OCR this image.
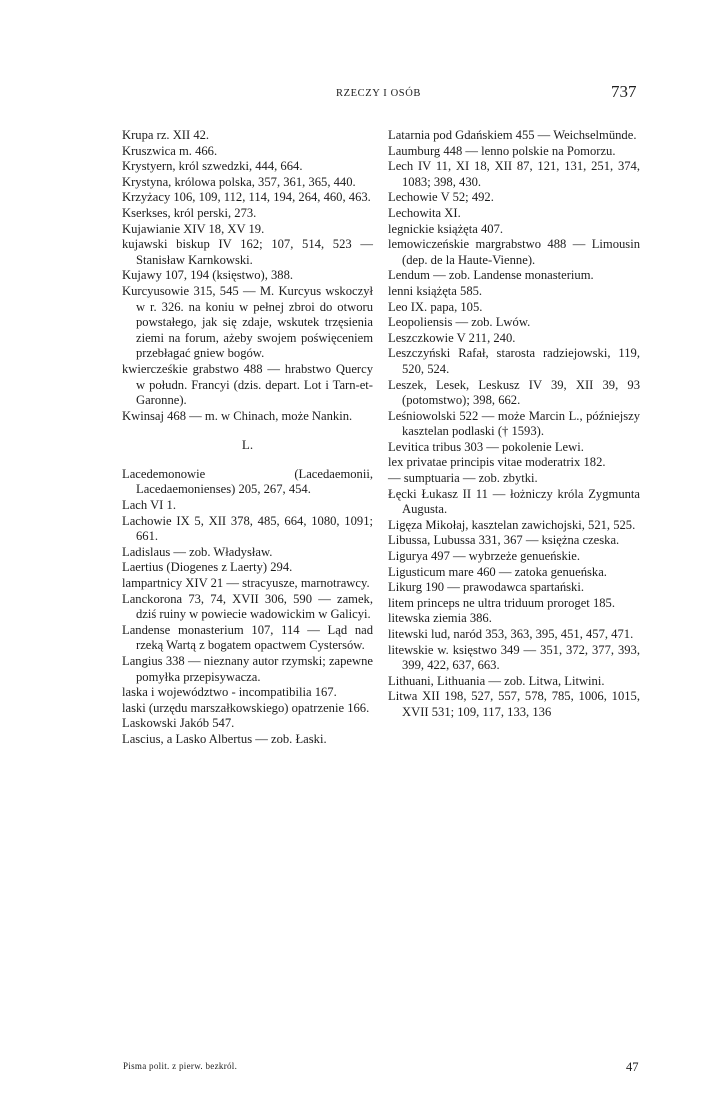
RZECZY I OSÓB	737
Krupa rz. XII 42.
Kruszwica m. 466.
Krystyern, król szwedzki, 444, 664.
Krystyna, królowa polska, 357, 361, 365, 440.
Krzyżacy 106, 109, 112, 114, 194, 264, 460, 463.
Kserkses, król perski, 273.
Kujawianie XIV 18, XV 19.
kujawski biskup IV 162; 107, 514, 523 — Stanisław Karnkowski.
Kujawy 107, 194 (księstwo), 388.
Kurcyusowie 315, 545 — M. Kurcyus wskoczył w r. 326. na koniu w pełnej zbroi do otworu powstałego, jak się zdaje, wskutek trzęsienia ziemi na forum, ażeby swojem poświęceniem przebłagać gniew bogów.
kwiercześkie grabstwo 488 — hrabstwo Quercy w połudn. Francyi (dzis. depart. Lot i Tarn-et-Garonne).
Kwinsaj 468 — m. w Chinach, może Nankin.
L.
Lacedemonowie (Lacedaemonii, Lacedaemonienses) 205, 267, 454.
Lach VI 1.
Lachowie IX 5, XII 378, 485, 664, 1080, 1091; 661.
Ladislaus — zob. Władysław.
Laertius (Diogenes z Laerty) 294.
lampartnicy XIV 21 — stracyusze, marnotrawcy.
Lanckorona 73, 74, XVII 306, 590 — zamek, dziś ruiny w powiecie wadowickim w Galicyi.
Landense monasterium 107, 114 — Ląd nad rzeką Wartą z bogatem opactwem Cystersów.
Langius 338 — nieznany autor rzymski; zapewne pomyłka przepisywacza.
laska i województwo - incompatibilia 167.
laski (urzędu marszałkowskiego) opatrzenie 166.
Laskowski Jakób 547.
Lascius, a Lasko Albertus — zob. Łaski.
Latarnia pod Gdańskiem 455 — Weichselmünde.
Laumburg 448 — lenno polskie na Pomorzu.
Lech IV 11, XI 18, XII 87, 121, 131, 251, 374, 1083; 398, 430.
Lechowie V 52; 492.
Lechowita XI.
legnickie książęta 407.
lemowiczeńskie margrabstwo 488 — Limousin (dep. de la Haute-Vienne).
Lendum — zob. Landense monasterium.
lenni książęta 585.
Leo IX. papa, 105.
Leopoliensis — zob. Lwów.
Leszczkowie V 211, 240.
Leszczyński Rafał, starosta radziejowski, 119, 520, 524.
Leszek, Lesek, Leskusz IV 39, XII 39, 93 (potomstwo); 398, 662.
Leśniowolski 522 — może Marcin L., późniejszy kasztelan podlaski († 1593).
Levitica tribus 303 — pokolenie Lewi.
lex privatae principis vitae moderatrix 182.
— sumptuaria — zob. zbytki.
Łęcki Łukasz II 11 — łożniczy króla Zygmunta Augusta.
Ligęza Mikołaj, kasztelan zawichojski, 521, 525.
Libussa, Lubussa 331, 367 — księżna czeska.
Ligurya 497 — wybrzeże genueńskie.
Ligusticum mare 460 — zatoka genueńska.
Likurg 190 — prawodawca spartański.
litem princeps ne ultra triduum proroget 185.
litewska ziemia 386.
litewski lud, naród 353, 363, 395, 451, 457, 471.
litewskie w. księstwo 349 — 351, 372, 377, 393, 399, 422, 637, 663.
Lithuani, Lithuania — zob. Litwa, Litwini.
Litwa XII 198, 527, 557, 578, 785, 1006, 1015, XVII 531; 109, 117, 133, 136
Pisma polit. z pierw. bezkról.	47
